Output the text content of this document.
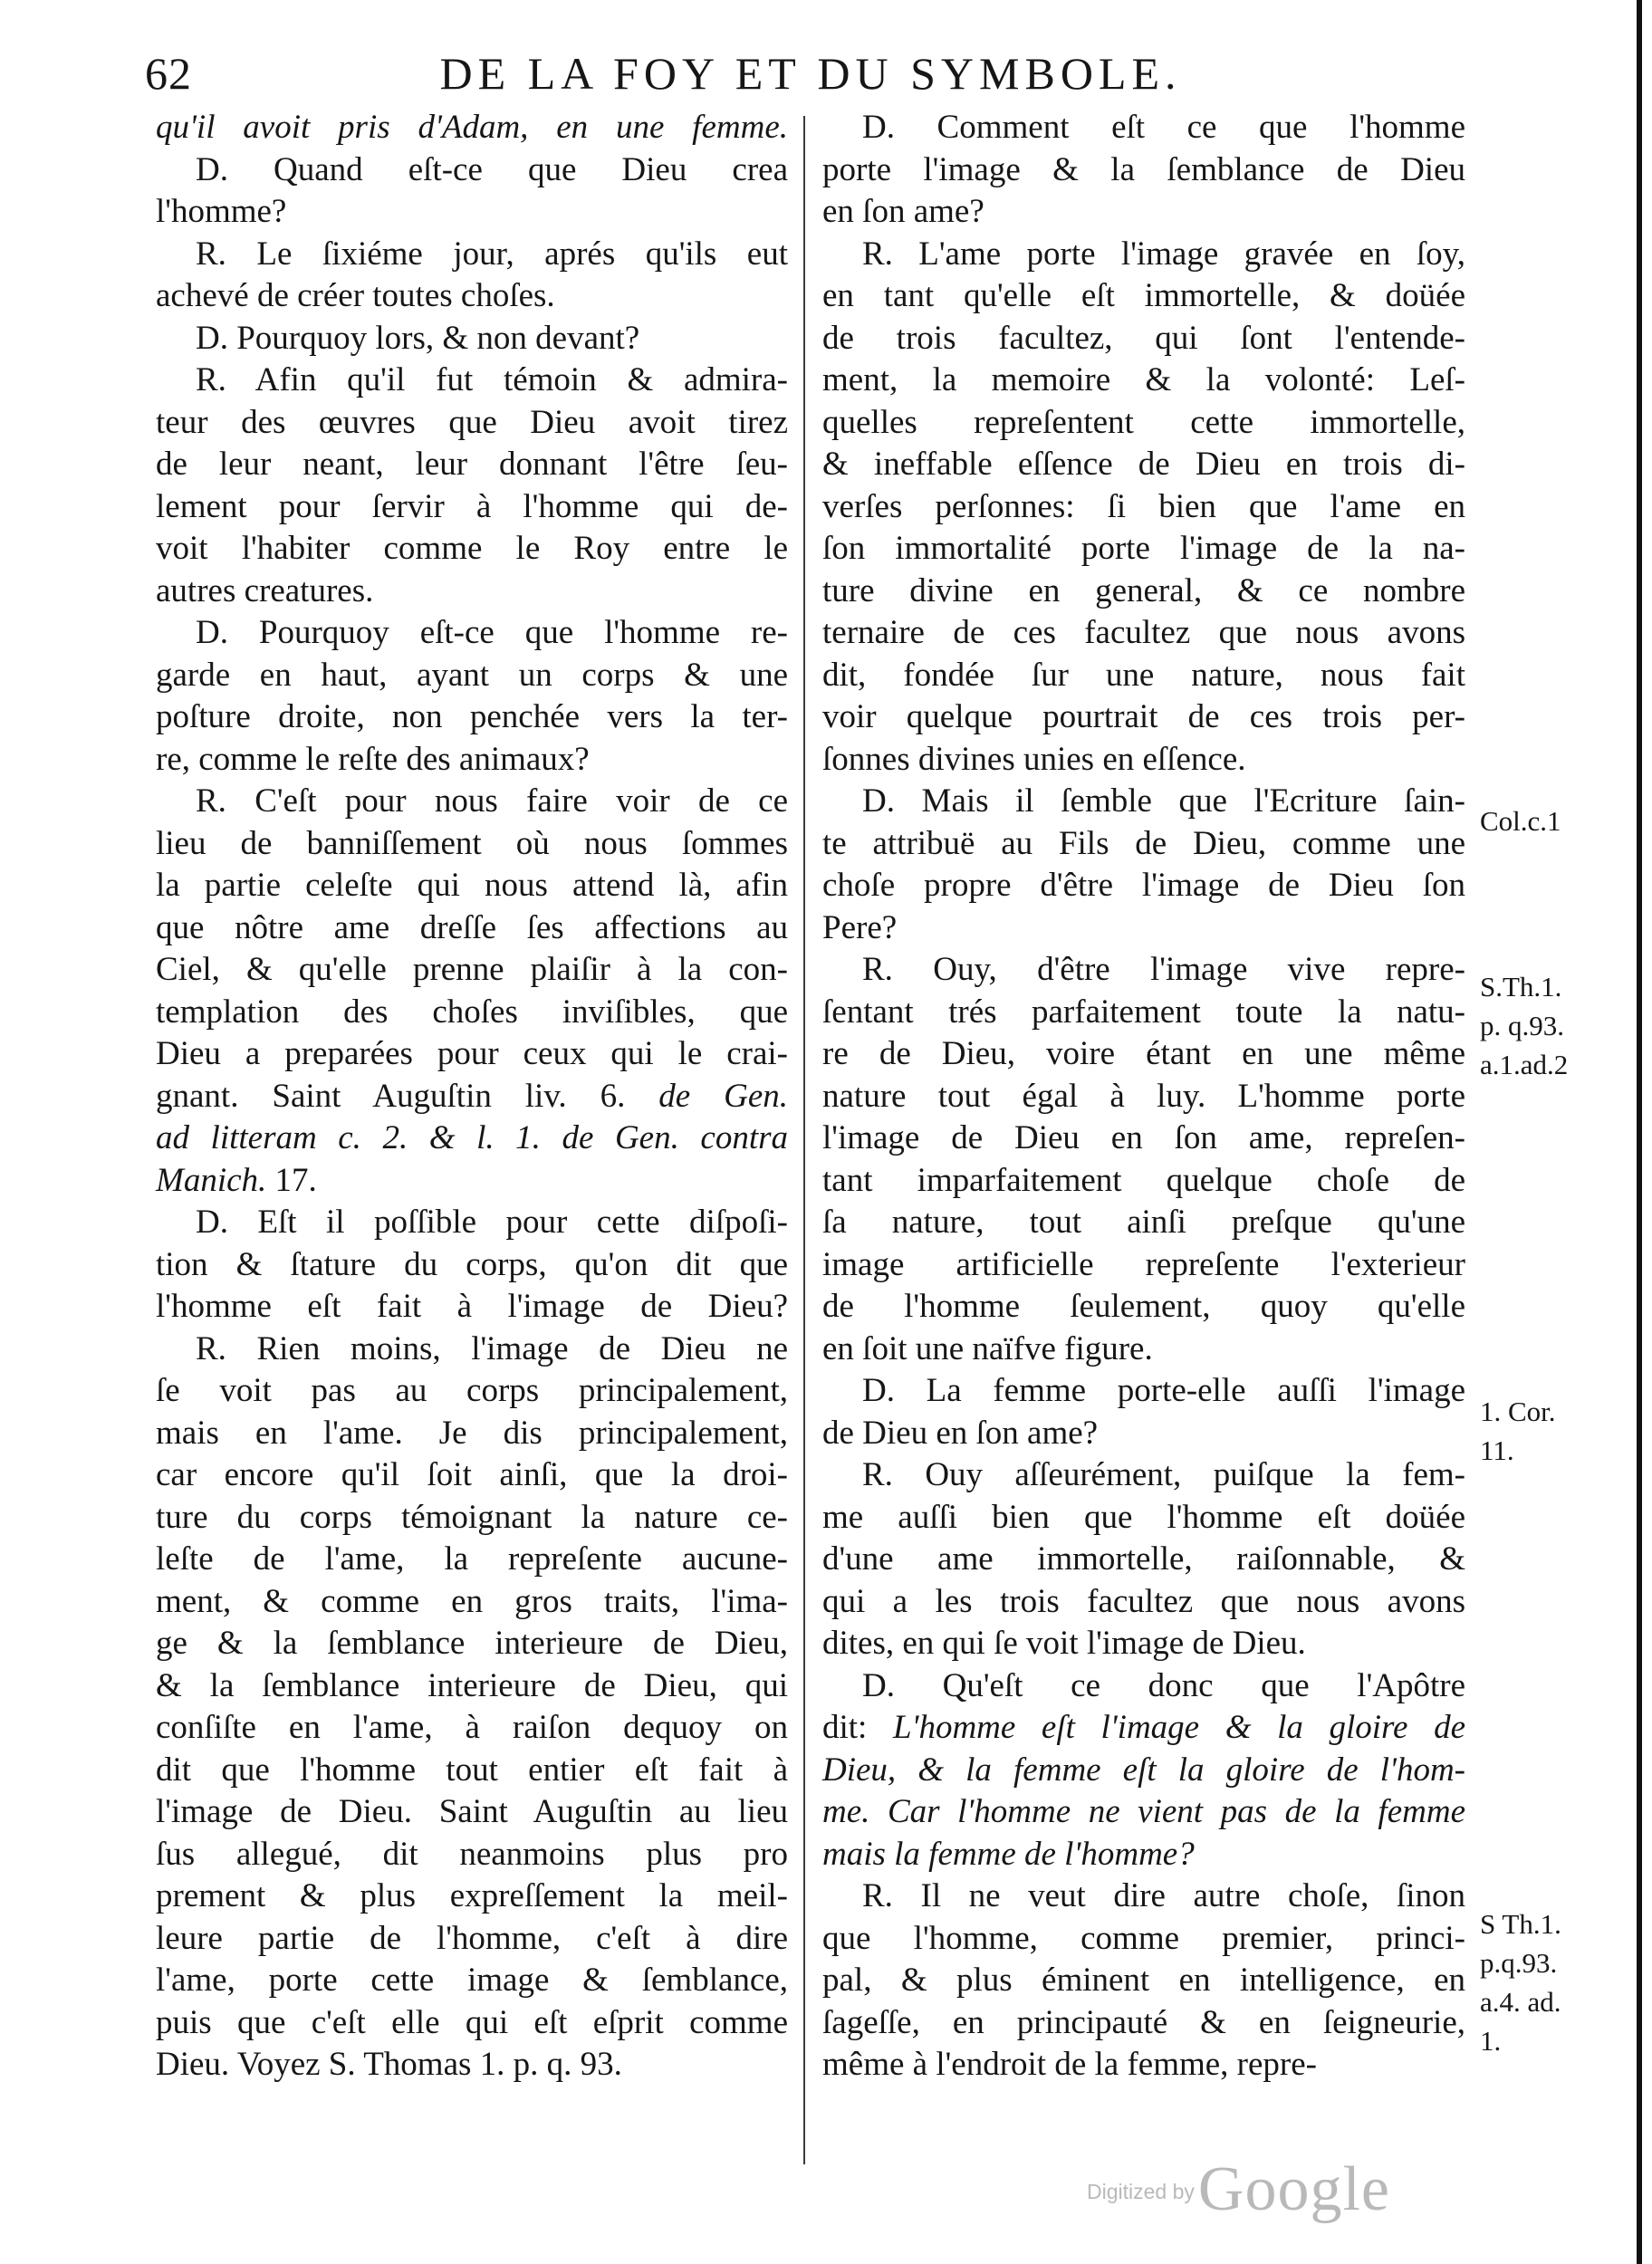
62	DE LA FOY ET DU SYMBOLE.
qu'il avoit pris d'Adam, en une femme.
D. Quand eſt-ce que Dieu crea
l'homme?
R. Le ſixiéme jour, aprés qu'ils eut
achevé de créer toutes choſes.
D. Pourquoy lors, & non devant?
R. Afin qu'il fut témoin & admira-
teur des œuvres que Dieu avoit tirez
de leur neant, leur donnant l'être ſeu-
lement pour ſervir à l'homme qui de-
voit l'habiter comme le Roy entre le
autres creatures.
D. Pourquoy eſt-ce que l'homme re-
garde en haut, ayant un corps & une
poſture droite, non penchée vers la ter-
re, comme le reſte des animaux?
R. C'eſt pour nous faire voir de ce
lieu de banniſſement où nous ſommes
la partie celeſte qui nous attend là, afin
que nôtre ame dreſſe ſes affections au
Ciel, & qu'elle prenne plaiſir à la con-
templation des choſes inviſibles, que
Dieu a preparées pour ceux qui le crai-
gnant. Saint Auguſtin liv. 6. de Gen.
ad litteram c. 2. & l. 1. de Gen. contra
Manich. 17.
D. Eſt il poſſible pour cette diſpoſi-
tion & ſtature du corps, qu'on dit que
l'homme eſt fait à l'image de Dieu?
R. Rien moins, l'image de Dieu ne
ſe voit pas au corps principalement,
mais en l'ame. Je dis principalement,
car encore qu'il ſoit ainſi, que la droi-
ture du corps témoignant la nature ce-
leſte de l'ame, la repreſente aucune-
ment, & comme en gros traits, l'ima-
ge & la ſemblance interieure de Dieu,
& la ſemblance interieure de Dieu, qui
conſiſte en l'ame, à raiſon dequoy on
dit que l'homme tout entier eſt fait à
l'image de Dieu. Saint Auguſtin au lieu
ſus allegué, dit neanmoins plus pro
prement & plus expreſſement la meil-
leure partie de l'homme, c'eſt à dire
l'ame, porte cette image & ſemblance,
puis que c'eſt elle qui eſt eſprit comme
Dieu. Voyez S. Thomas 1. p. q. 93.
D. Comment eſt ce que l'homme
porte l'image & la ſemblance de Dieu
en ſon ame?
R. L'ame porte l'image gravée en ſoy,
en tant qu'elle eſt immortelle, & doüée
de trois facultez, qui ſont l'entende-
ment, la memoire & la volonté: Leſ-
quelles repreſentent cette immortelle,
& ineffable eſſence de Dieu en trois di-
verſes perſonnes: ſi bien que l'ame en
ſon immortalité porte l'image de la na-
ture divine en general, & ce nombre
ternaire de ces facultez que nous avons
dit, fondée ſur une nature, nous fait
voir quelque pourtrait de ces trois per-
ſonnes divines unies en eſſence.
D. Mais il ſemble que l'Ecriture ſain-
te attribuë au Fils de Dieu, comme une
choſe propre d'être l'image de Dieu ſon
Pere?
R. Ouy, d'être l'image vive repre-
ſentant trés parfaitement toute la natu-
re de Dieu, voire étant en une même
nature tout égal à luy. L'homme porte
l'image de Dieu en ſon ame, repreſen-
tant imparfaitement quelque choſe de
ſa nature, tout ainſi preſque qu'une
image artificielle repreſente l'exterieur
de l'homme ſeulement, quoy qu'elle
en ſoit une naïfve figure.
D. La femme porte-elle auſſi l'image
de Dieu en ſon ame?
R. Ouy aſſeurément, puiſque la fem-
me auſſi bien que l'homme eſt doüée
d'une ame immortelle, raiſonnable, &
qui a les trois facultez que nous avons
dites, en qui ſe voit l'image de Dieu.
D. Qu'eſt ce donc que l'Apôtre
dit: L'homme eſt l'image & la gloire de
Dieu, & la femme eſt la gloire de l'hom-
me. Car l'homme ne vient pas de la femme
mais la femme de l'homme?
R. Il ne veut dire autre choſe, ſinon
que l'homme, comme premier, princi-
pal, & plus éminent en intelligence, en
ſageſſe, en principauté & en ſeigneurie,
même à l'endroit de la femme, repre-
Col.c.1
S.Th.1.
p. q.93.
a.1.ad.2
1. Cor.
11.
S Th.1.
p.q.93.
a.4. ad.
1.
Digitized by Google
